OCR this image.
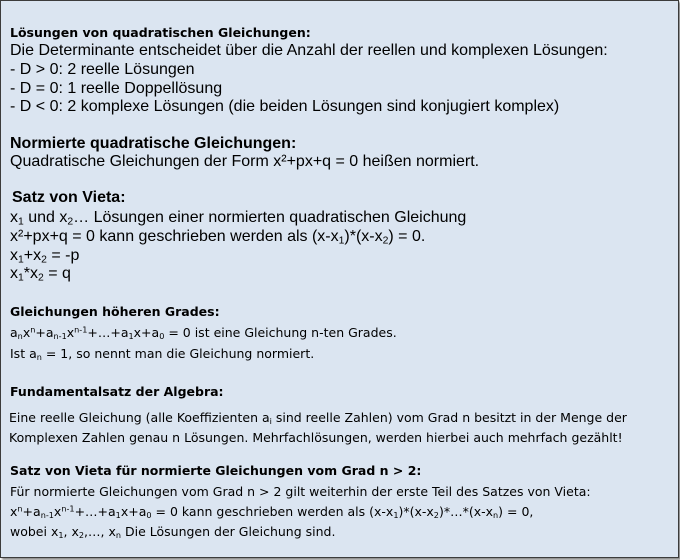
Lösungen von quadratischen Gleichungen:
Die Determinante entscheidet über die Anzahl der reellen und komplexen Lösungen:
- D > 0: 2 reelle Lösungen
- D = 0: 1 reelle Doppellösung
- D < 0: 2 komplexe Lösungen (die beiden Lösungen sind konjugiert komplex)
Normierte quadratische Gleichungen:
Quadratische Gleichungen der Form x²+px+q = 0 heißen normiert.
Satz von Vieta:
$x_1$ und $x_2\dots$ Lösungen einer normierten quadratischen Gleichung
x²+px+q = 0 kann geschrieben werden als $(x-x_1)*(x-x_2) = 0$.
$x_1+x_2 = -p$
$x_1*x_2 = q$
Gleichungen höheren Grades:
$a_nx^n+a_{n-1}x^{n-1}+\dots+a_1x+a_0 = 0$ ist eine Gleichung n-ten Grades.
Ist $a_n = 1$, so nennt man die Gleichung normiert.
Fundamentalsatz der Algebra:
Eine reelle Gleichung (alle Koeffizienten $a_i$ sind reelle Zahlen) vom Grad n besitzt in der Menge der
Komplexen Zahlen genau n Lösungen. Mehrfachlösungen, werden hierbei auch mehrfach gezählt!
Satz von Vieta für normierte Gleichungen vom Grad n > 2:
Für normierte Gleichungen vom Grad n > 2 gilt weiterhin der erste Teil des Satzes von Vieta:
$x^n+a_{n-1}x^{n-1}+\dots+a_1x+a_0 = 0$ kann geschrieben werden als $(x-x_1)*(x-x_2)*\dots*(x-x_n) = 0$,
wobei $x_1$, $x_2,\dots$, $x_n$ Die Lösungen der Gleichung sind.
